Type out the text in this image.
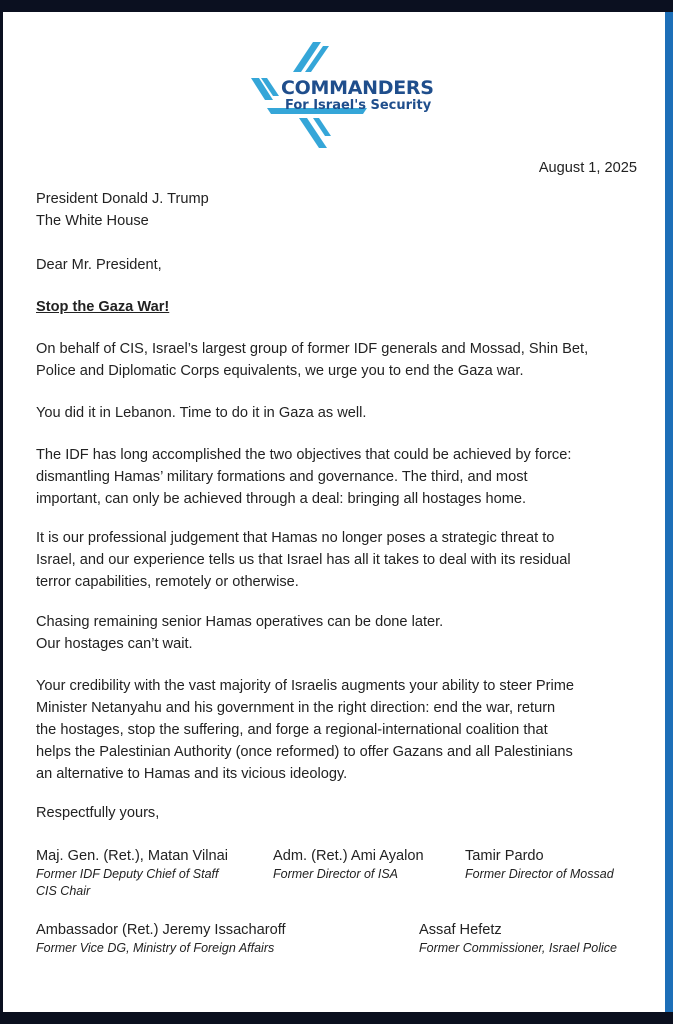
COMMANDERS
For Israel's Security
August 1, 2025
President Donald J. Trump
The White House
Dear Mr. President,
Stop the Gaza War!
On behalf of CIS, Israel’s largest group of former IDF generals and Mossad, Shin Bet,
Police and Diplomatic Corps equivalents, we urge you to end the Gaza war.
You did it in Lebanon. Time to do it in Gaza as well.
The IDF has long accomplished the two objectives that could be achieved by force:
dismantling Hamas’ military formations and governance. The third, and most
important, can only be achieved through a deal: bringing all hostages home.
It is our professional judgement that Hamas no longer poses a strategic threat to
Israel, and our experience tells us that Israel has all it takes to deal with its residual
terror capabilities, remotely or otherwise.
Chasing remaining senior Hamas operatives can be done later.
Our hostages can’t wait.
Your credibility with the vast majority of Israelis augments your ability to steer Prime
Minister Netanyahu and his government in the right direction: end the war, return
the hostages, stop the suffering, and forge a regional-international coalition that
helps the Palestinian Authority (once reformed) to offer Gazans and all Palestinians
an alternative to Hamas and its vicious ideology.
Respectfully yours,
Maj. Gen. (Ret.), Matan Vilnai
Former IDF Deputy Chief of Staff
CIS Chair
Adm. (Ret.) Ami Ayalon
Former Director of ISA
Tamir Pardo
Former Director of Mossad
Ambassador (Ret.) Jeremy Issacharoff
Former Vice DG, Ministry of Foreign Affairs
Assaf Hefetz
Former Commissioner, Israel Police
